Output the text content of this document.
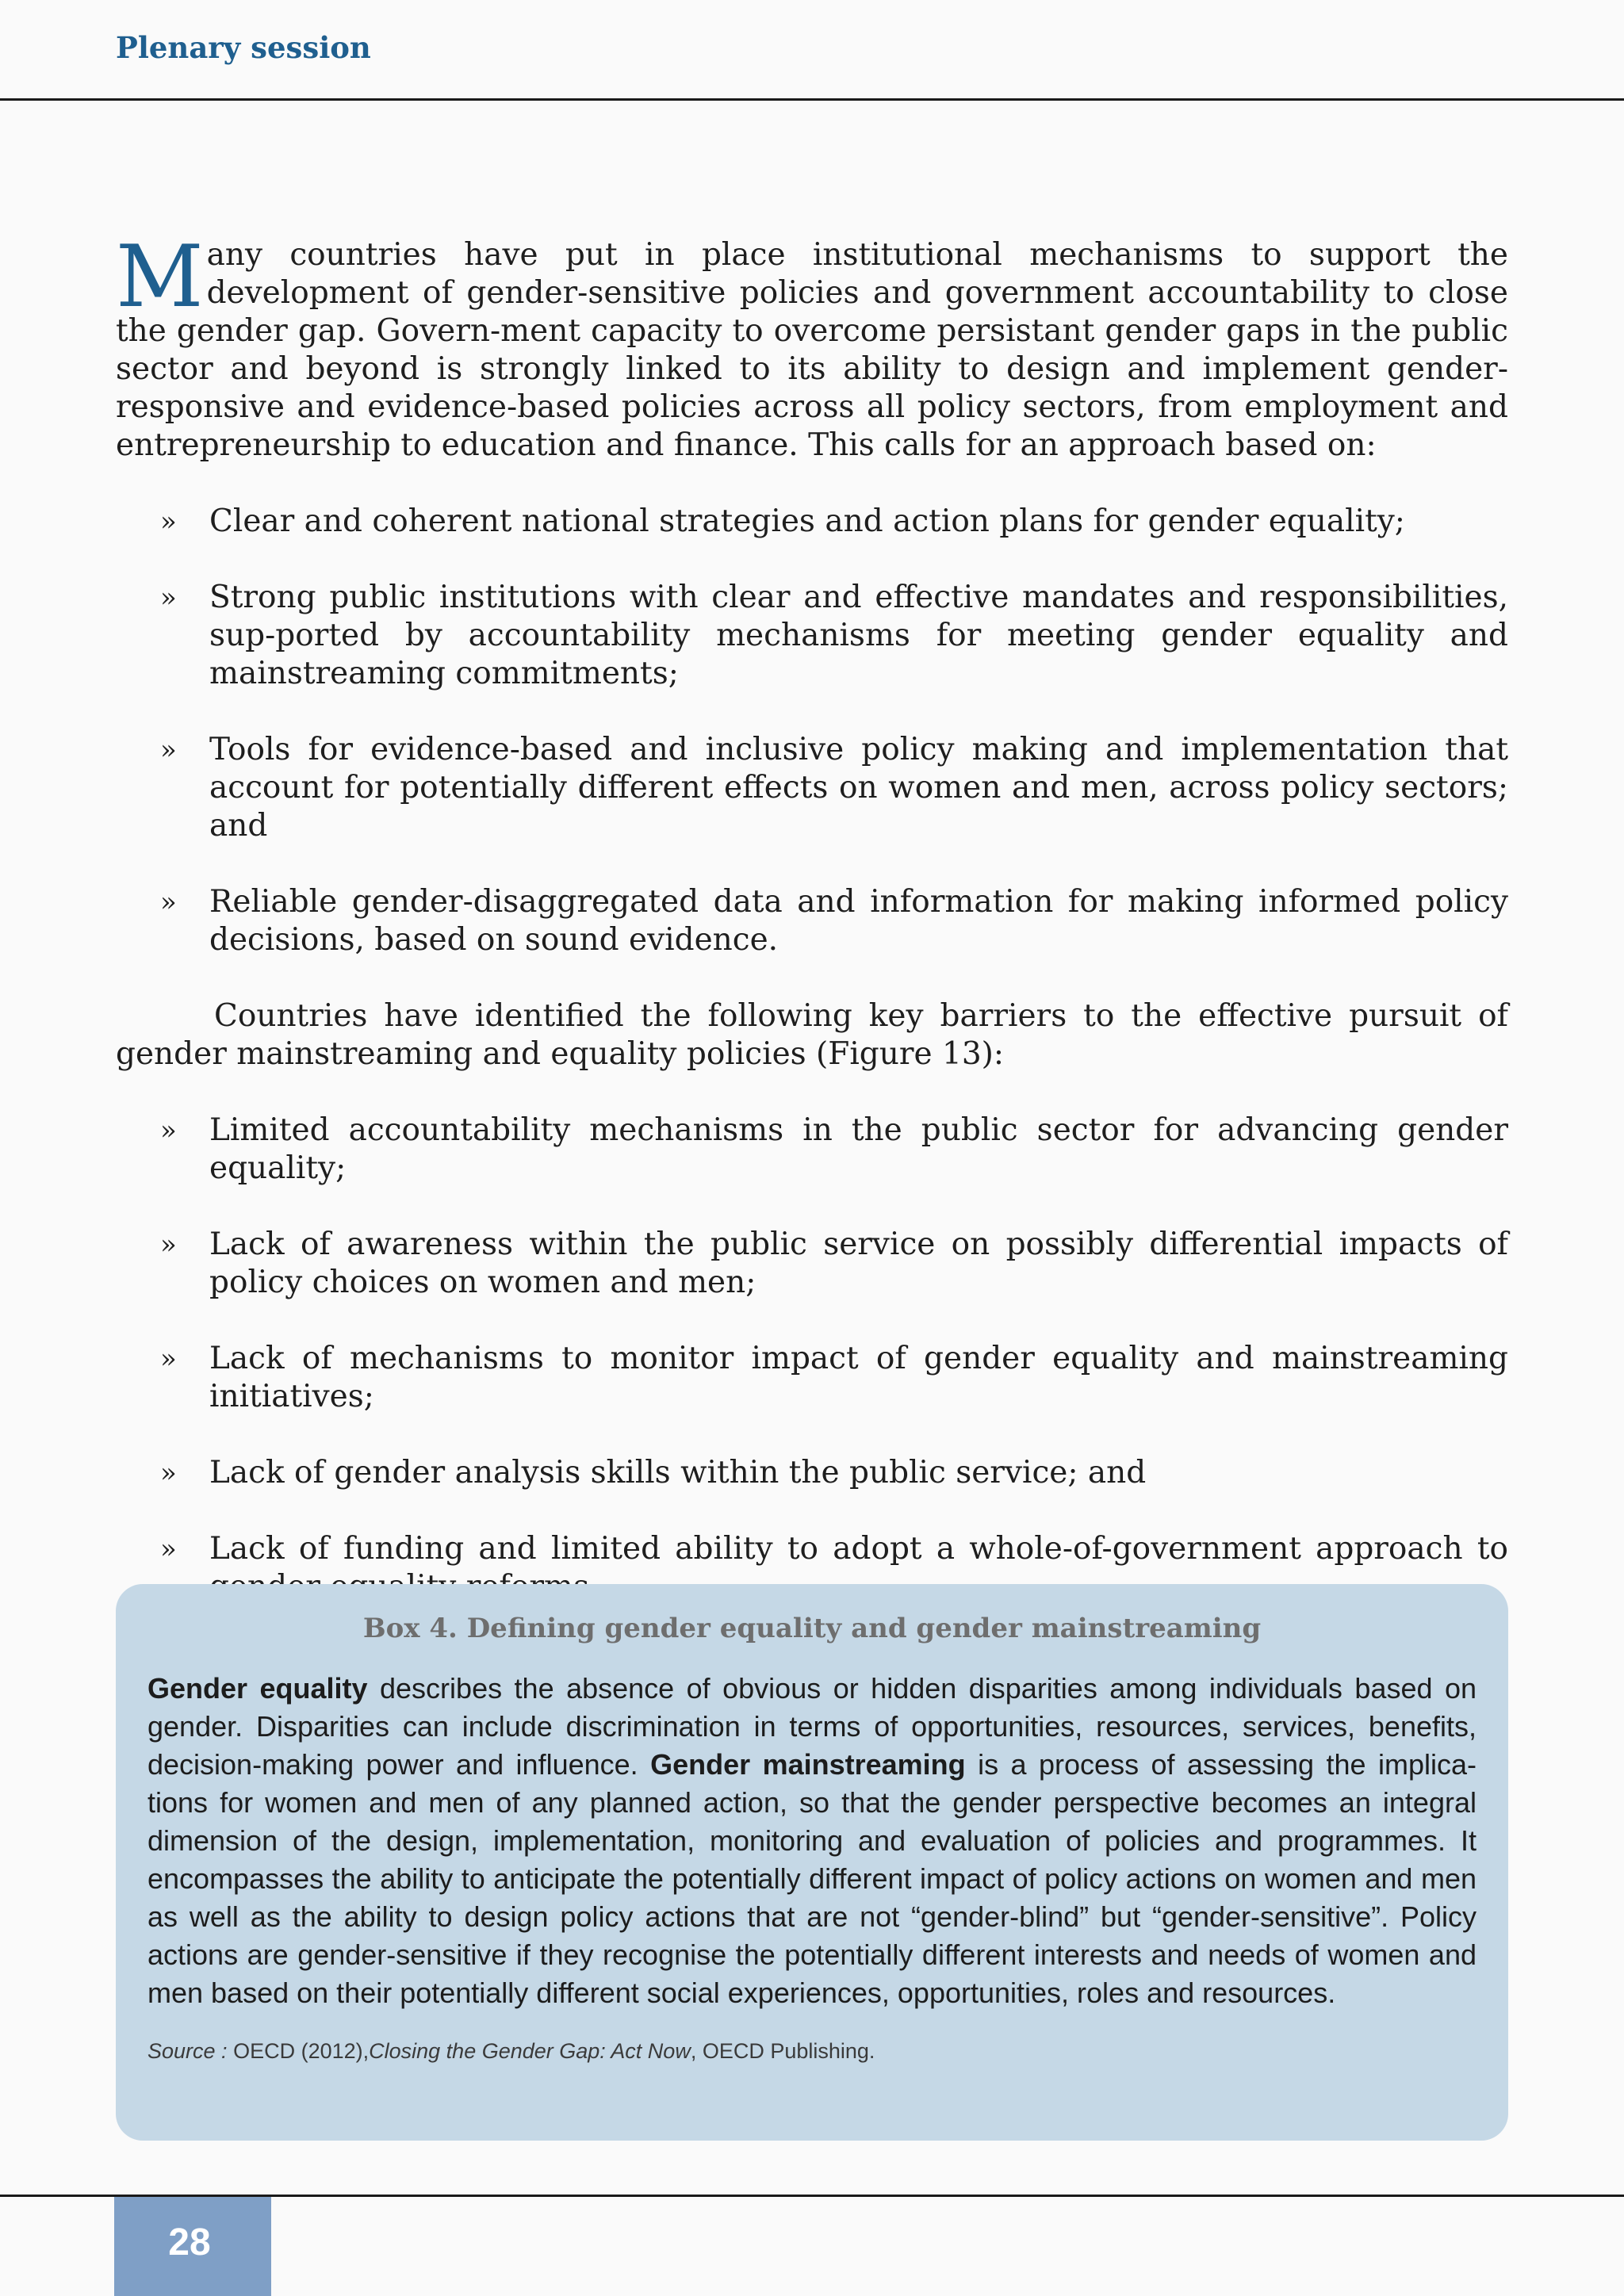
Plenary session

Many countries have put in place institutional mechanisms to support the development of gender-sensitive policies and government accountability to close the gender gap. Govern-ment capacity to overcome persistant gender gaps in the public sector and beyond is strongly linked to its ability to design and implement gender-responsive and evidence-based policies across all policy sectors, from employment and entrepreneurship to education and finance. This calls for an approach based on:

» Clear and coherent national strategies and action plans for gender equality;
» Strong public institutions with clear and effective mandates and responsibilities, sup-ported by accountability mechanisms for meeting gender equality and mainstreaming commitments;
» Tools for evidence-based and inclusive policy making and implementation that account for potentially different effects on women and men, across policy sectors; and
» Reliable gender-disaggregated data and information for making informed policy decisions, based on sound evidence.

Countries have identified the following key barriers to the effective pursuit of gender mainstreaming and equality policies (Figure 13):

» Limited accountability mechanisms in the public sector for advancing gender equality;
» Lack of awareness within the public service on possibly differential impacts of policy choices on women and men;
» Lack of mechanisms to monitor impact of gender equality and mainstreaming initiatives;
» Lack of gender analysis skills within the public service; and
» Lack of funding and limited ability to adopt a whole-of-government approach to
Box 4. Defining gender equality and gender mainstreaming

Gender equality describes the absence of obvious or hidden disparities among individuals based on gender. Disparities can include discrimination in terms of opportunities, resources, services, benefits, decision-making power and influence. Gender mainstreaming is a process of assessing the implica-tions for women and men of any planned action, so that the gender perspective becomes an integral dimension of the design, implementation, monitoring and evaluation of policies and programmes. It encompasses the ability to anticipate the potentially different impact of policy actions on women and men as well as the ability to design policy actions that are not “gender-blind” but “gender-sensitive”. Policy actions are gender-sensitive if they recognise the potentially different interests and needs of women and men based on their potentially different social experiences, opportunities, roles and resources.

Source : OECD (2012),Closing the Gender Gap: Act Now, OECD Publishing.
28
